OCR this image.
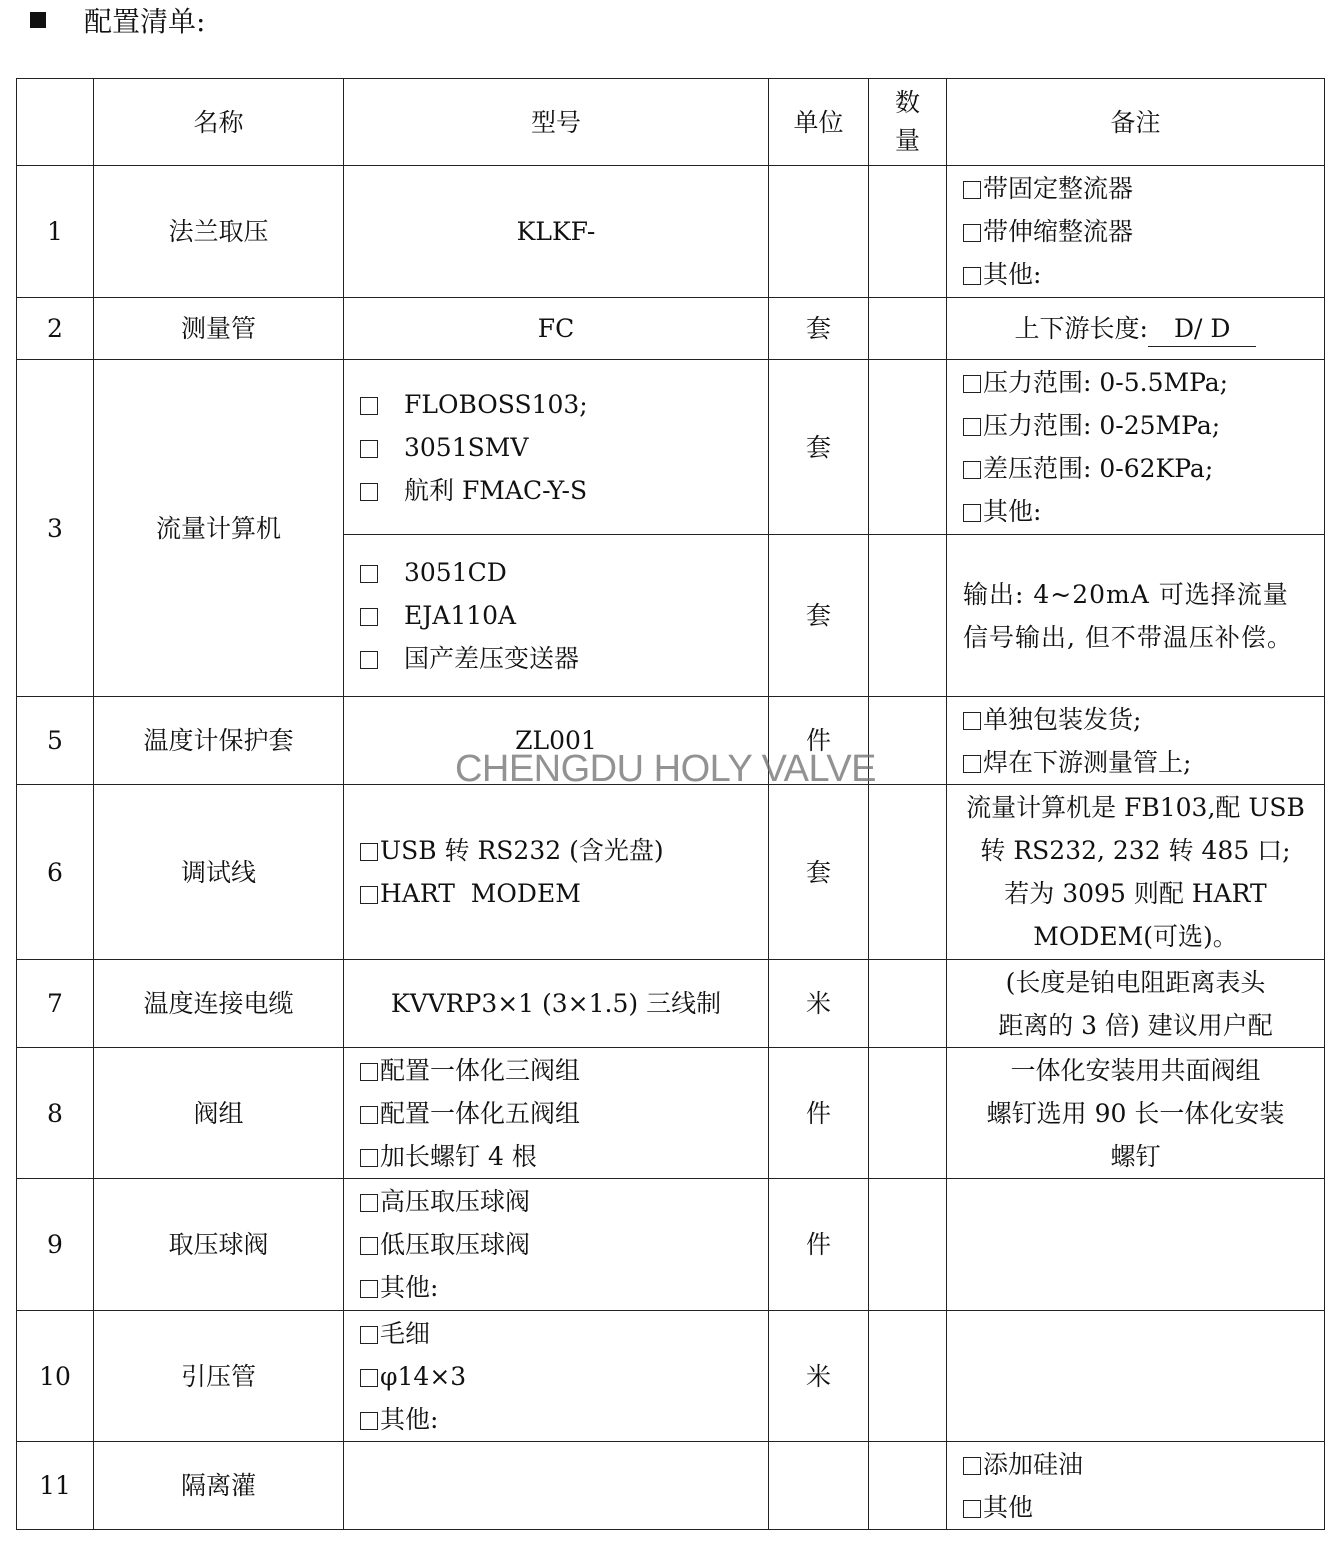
配置清单:
	名称	型号	单位	数量	备注
1	法兰取压	KLKF-			带固定整流器
带伸缩整流器
其他:

2	测量管	FC	套		上下游长度: D/ D
3	流量计算机	FLOBOSS103;
3051SMV
航利 FMAC-Y-S	套		压力范围: 0-5.5MPa;
压力范围: 0-25MPa;
差压范围: 0-62KPa;
其他:

		3051CD
EJA110A
国产差压变送器	套		输出: 4~20mA 可选择流量信号输出, 但不带温压补偿。

5	温度计保护套	ZL001	件		单独包装发货;
焊在下游测量管上;

6	调试线	USB 转 RS232 (含光盘)
HART  MODEM	套		流量计算机是 FB103,配 USB
转 RS232, 232 转 485 口;
若为 3095 则配 HART
MODEM(可选)。

7	温度连接电缆	KVVRP3×1 (3×1.5) 三线制	米		(长度是铂电阻距离表头
距离的 3 倍) 建议用户配

8	阀组	配置一体化三阀组
配置一体化五阀组
加长螺钉 4 根	件		一体化安装用共面阀组
螺钉选用 90 长一体化安装
螺钉

9	取压球阀	高压取压球阀
低压取压球阀
其他:	件		
10	引压管	毛细
φ14×3
其他:	米		
11	隔离灌				添加硅油
其他
CHENGDU HOLY VALVE
